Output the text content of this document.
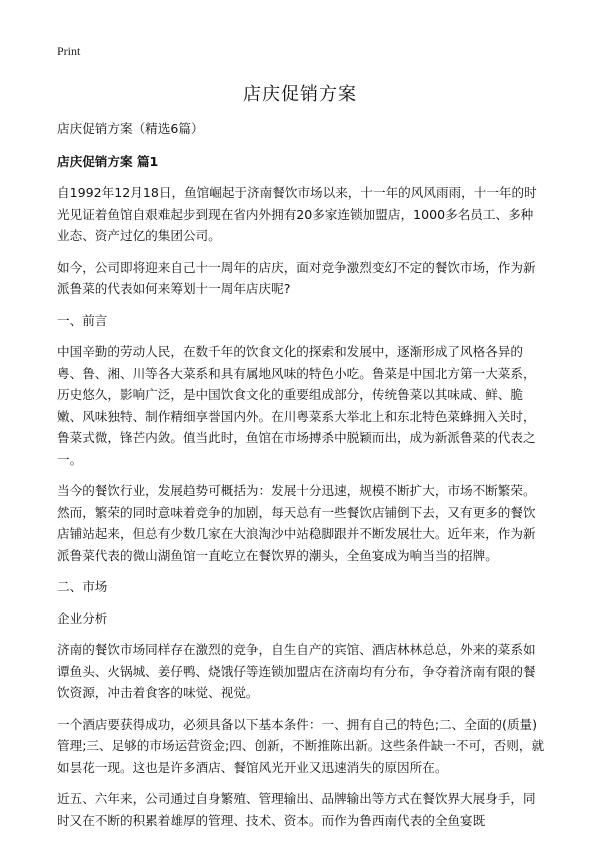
Print
店庆促销方案

店庆促销方案（精选6篇）

店庆促销方案 篇1

自1992年12月18日，鱼馆崛起于济南餐饮市场以来，十一年的风风雨雨，十一年的时光见证着鱼馆自艰难起步到现在省内外拥有20多家连锁加盟店，1000多名员工、多种业态、资产过亿的集团公司。

如今，公司即将迎来自己十一周年的店庆，面对竞争激烈变幻不定的餐饮市场，作为新派鲁菜的代表如何来筹划十一周年店庆呢?

一、前言

中国辛勤的劳动人民，在数千年的饮食文化的探索和发展中，逐渐形成了风格各异的粤、鲁、湘、川等各大菜系和具有属地风味的特色小吃。鲁菜是中国北方第一大菜系，历史悠久，影响广泛，是中国饮食文化的重要组成部分，传统鲁菜以其味咸、鲜、脆嫩、风味独特、制作精细享誉国内外。在川粤菜系大举北上和东北特色菜蜂拥入关时，鲁菜式微，锋芒内敛。值当此时，鱼馆在市场搏杀中脱颖而出，成为新派鲁菜的代表之一。

当今的餐饮行业，发展趋势可概括为：发展十分迅速，规模不断扩大，市场不断繁荣。然而，繁荣的同时意味着竞争的加剧，每天总有一些餐饮店铺倒下去，又有更多的餐饮店铺站起来，但总有少数几家在大浪淘沙中站稳脚跟并不断发展壮大。近年来，作为新派鲁菜代表的微山湖鱼馆一直屹立在餐饮界的潮头，全鱼宴成为响当当的招牌。

二、市场

企业分析

济南的餐饮市场同样存在激烈的竞争，自生自产的宾馆、酒店林林总总，外来的菜系如谭鱼头、火锅城、姜仔鸭、烧饿仔等连锁加盟店在济南均有分布，争夺着济南有限的餐饮资源，冲击着食客的味觉、视觉。

一个酒店要获得成功，必须具备以下基本条件：一、拥有自己的特色;二、全面的(质量)管理;三、足够的市场运营资金;四、创新，不断推陈出新。这些条件缺一不可，否则，就如昙花一现。这也是许多酒店、餐馆风光开业又迅速消失的原因所在。

近五、六年来，公司通过自身繁殖、管理输出、品牌输出等方式在餐饮界大展身手，同时又在不断的积累着雄厚的管理、技术、资本。而作为鲁西南代表的全鱼宴既
